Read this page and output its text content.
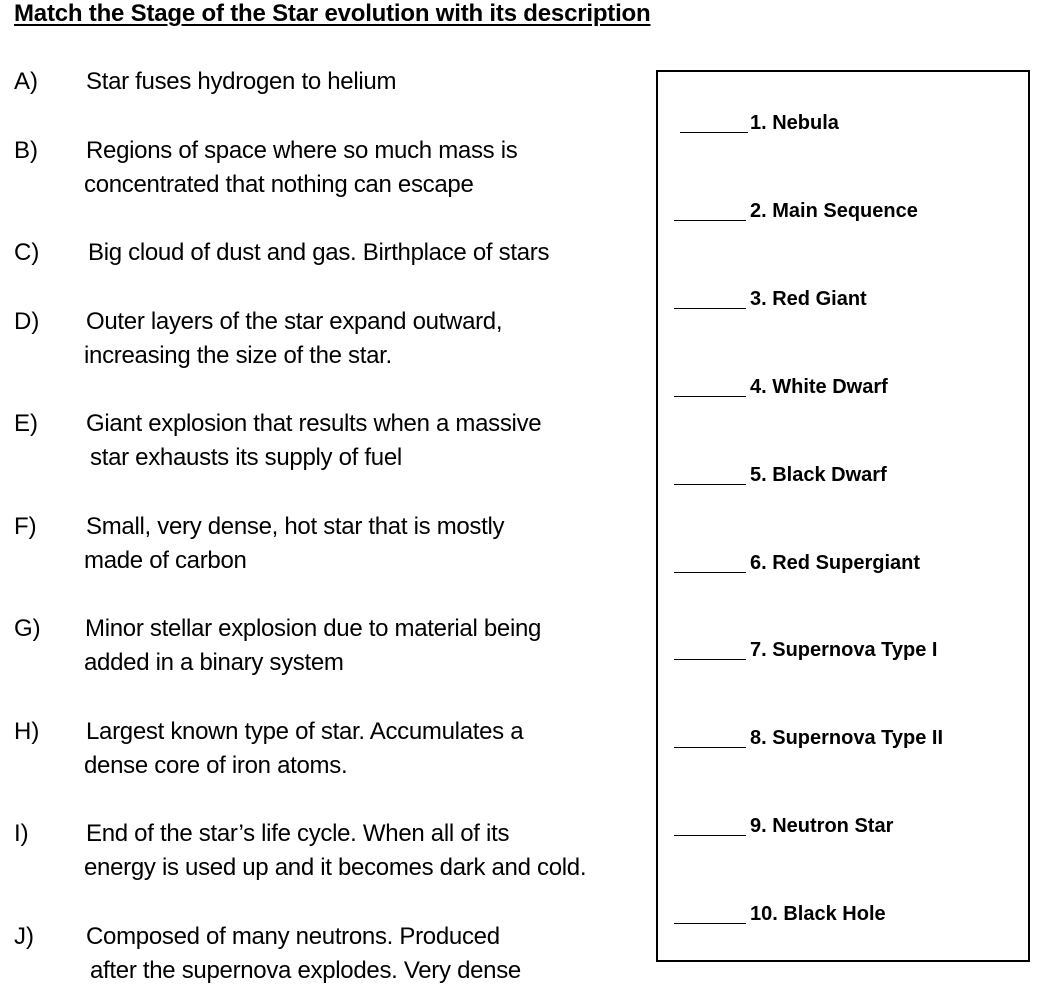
Match the Stage of the Star evolution with its description
A) Star fuses hydrogen to helium
B) Regions of space where so much mass is
concentrated that nothing can escape
C) Big cloud of dust and gas. Birthplace of stars
D) Outer layers of the star expand outward,
increasing the size of the star.
E) Giant explosion that results when a massive
star exhausts its supply of fuel
F) Small, very dense, hot star that is mostly
made of carbon
G) Minor stellar explosion due to material being
added in a binary system
H) Largest known type of star. Accumulates a
dense core of iron atoms.
I) End of the star’s life cycle. When all of its
energy is used up and it becomes dark and cold.
J) Composed of many neutrons. Produced
after the supernova explodes. Very dense
1. Nebula
2. Main Sequence
3. Red Giant
4. White Dwarf
5. Black Dwarf
6. Red Supergiant
7. Supernova Type I
8. Supernova Type II
9. Neutron Star
10. Black Hole
